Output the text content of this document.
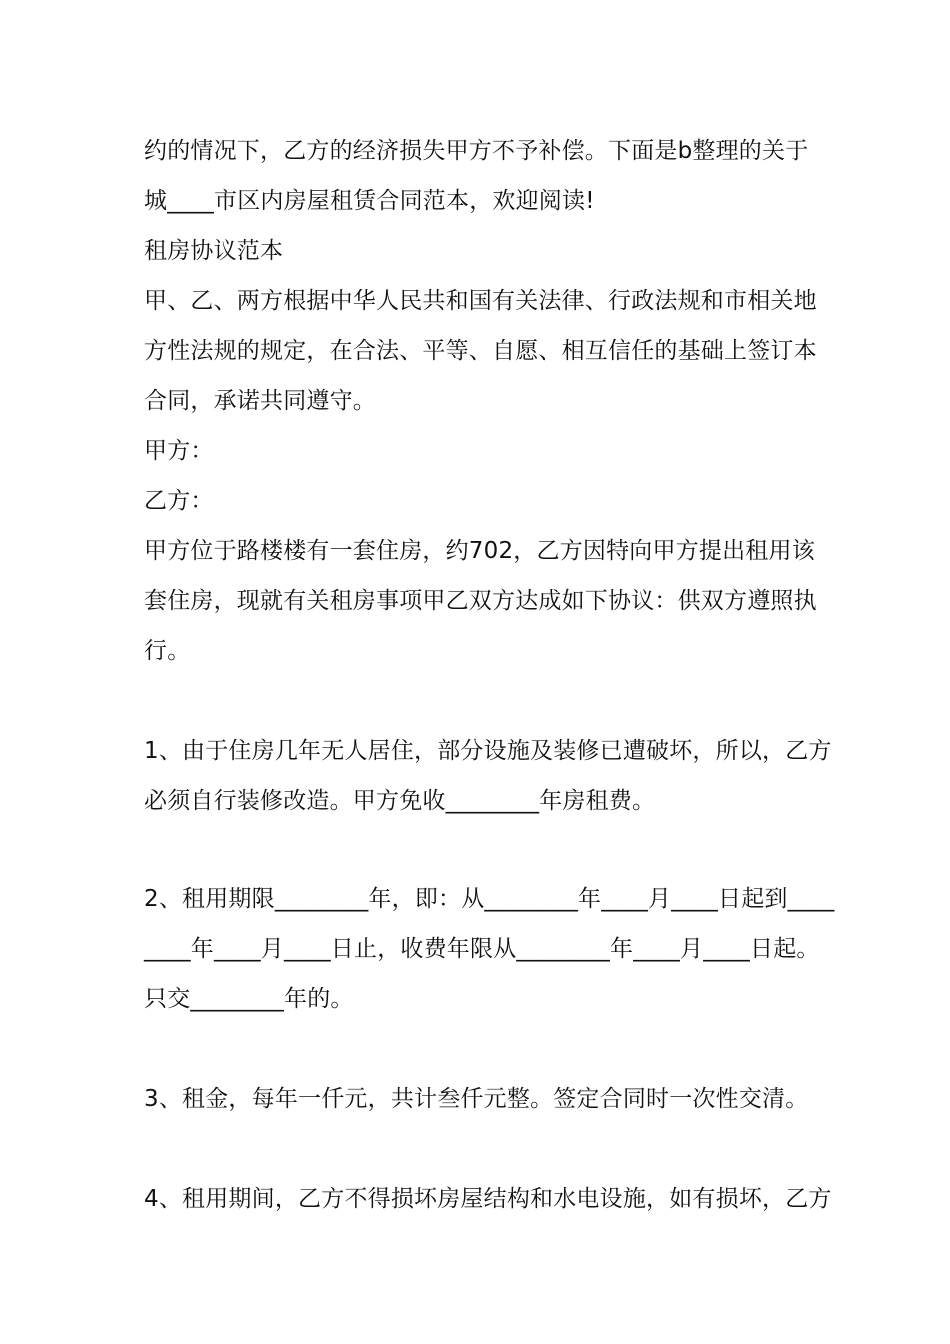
约的情况下，乙方的经济损失甲方不予补偿。下面是b整理的关于
城____市区内房屋租赁合同范本，欢迎阅读!
租房协议范本
甲、乙、两方根据中华人民共和国有关法律、行政法规和市相关地
方性法规的规定，在合法、平等、自愿、相互信任的基础上签订本
合同，承诺共同遵守。
甲方：
乙方：
甲方位于路楼楼有一套住房，约702，乙方因特向甲方提出租用该
套住房，现就有关租房事项甲乙双方达成如下协议：供双方遵照执
行。
1、由于住房几年无人居住，部分设施及装修已遭破坏，所以，乙方
必须自行装修改造。甲方免收________年房租费。
2、租用期限________年，即：从________年____月____日起到____
____年____月____日止，收费年限从________年____月____日起。
只交________年的。
3、租金，每年一仟元，共计叁仟元整。签定合同时一次性交清。
4、租用期间，乙方不得损坏房屋结构和水电设施，如有损坏，乙方
